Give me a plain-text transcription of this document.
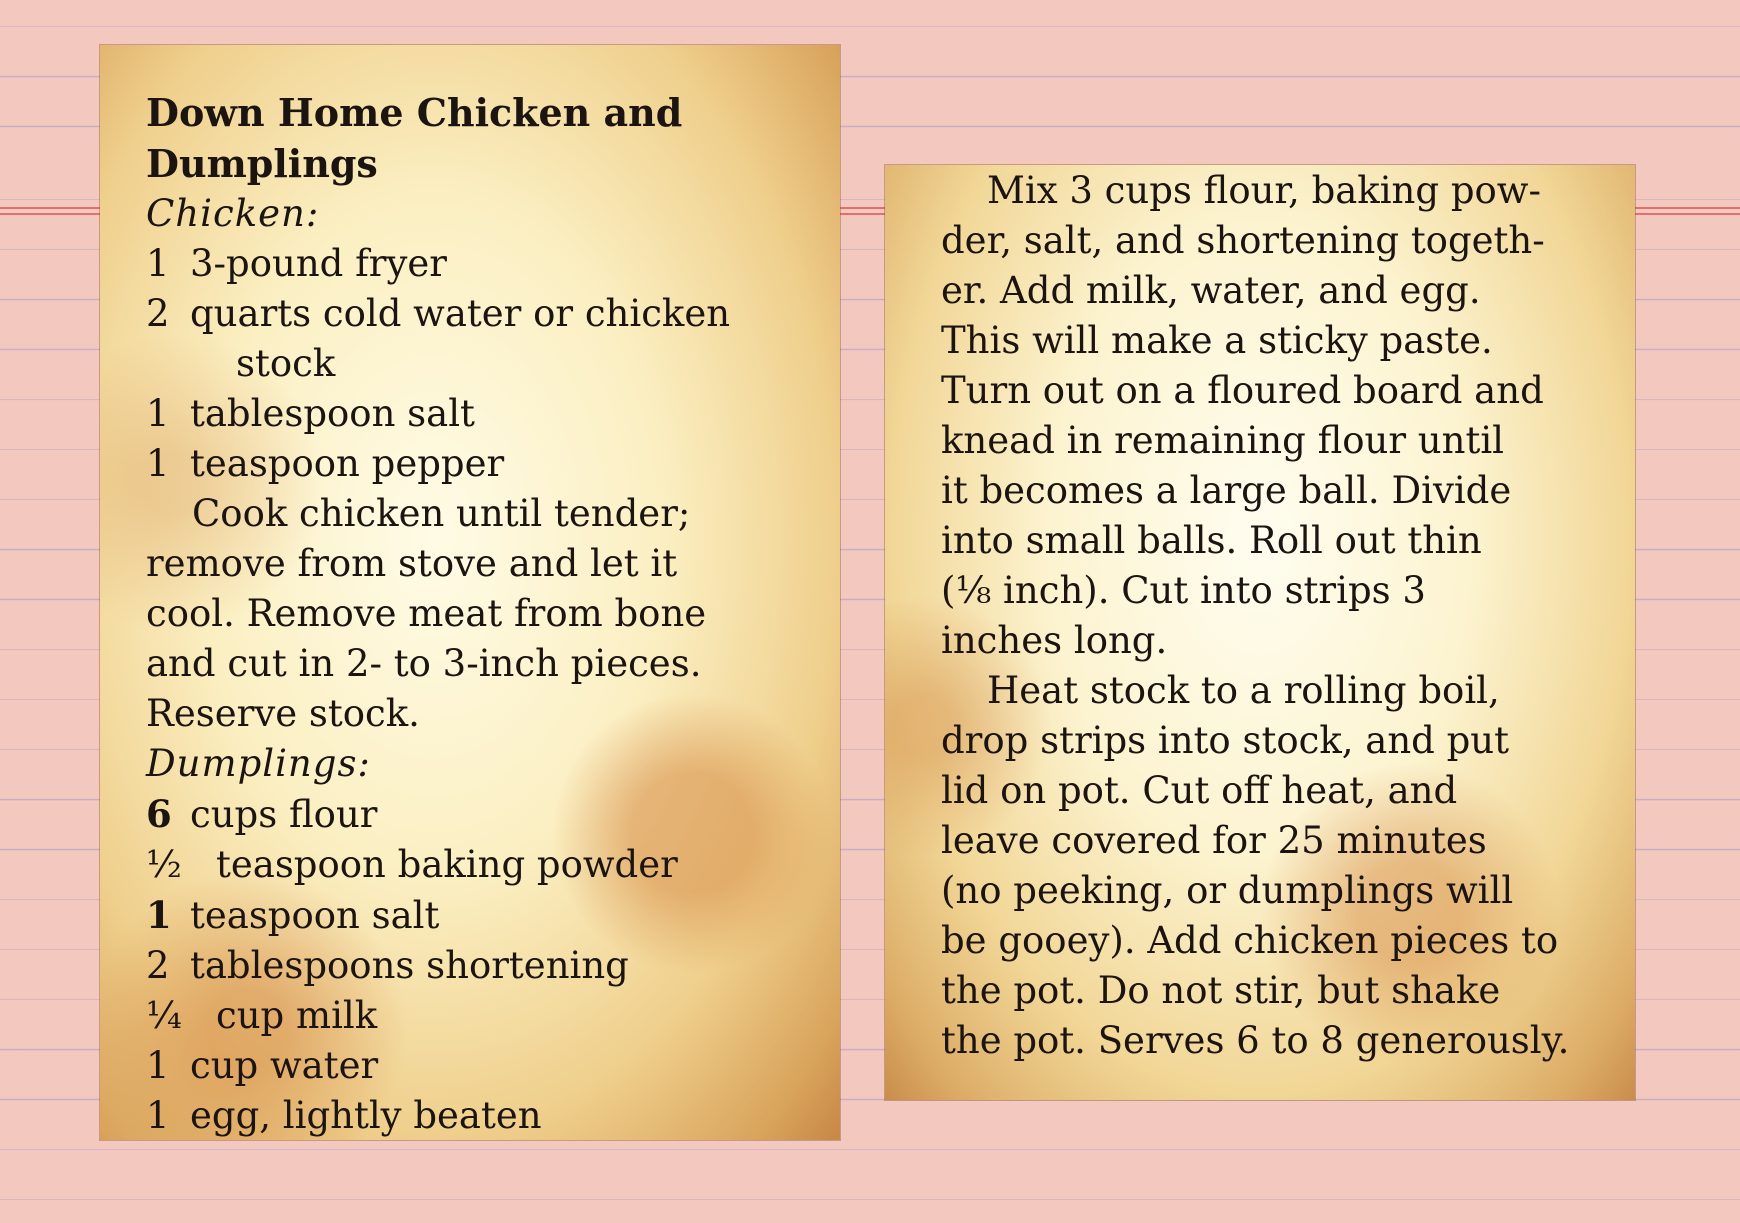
Down Home Chicken and
Dumplings
Chicken:
1 3-pound fryer
2 quarts cold water or chicken
stock
1 tablespoon salt
1 teaspoon pepper
Cook chicken until tender;
remove from stove and let it
cool. Remove meat from bone
and cut in 2- to 3-inch pieces.
Reserve stock.
Dumplings:
6 cups flour
½ teaspoon baking powder
1 teaspoon salt
2 tablespoons shortening
¼ cup milk
1 cup water
1 egg, lightly beaten
Mix 3 cups flour, baking pow-
der, salt, and shortening togeth-
er. Add milk, water, and egg.
This will make a sticky paste.
Turn out on a floured board and
knead in remaining flour until
it becomes a large ball. Divide
into small balls. Roll out thin
(⅛ inch). Cut into strips 3
inches long.
Heat stock to a rolling boil,
drop strips into stock, and put
lid on pot. Cut off heat, and
leave covered for 25 minutes
(no peeking, or dumplings will
be gooey). Add chicken pieces to
the pot. Do not stir, but shake
the pot. Serves 6 to 8 generously.
